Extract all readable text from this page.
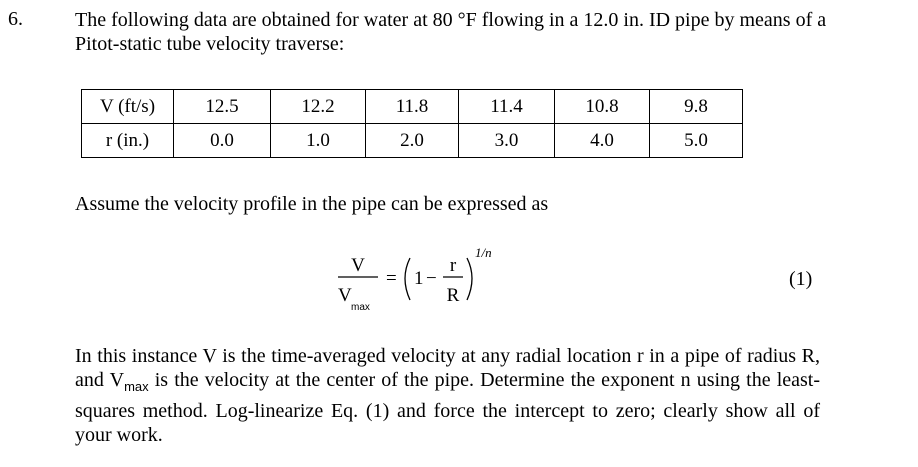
6.	The following data are obtained for water at 80 °F flowing in a 12.0 in. ID pipe by means of a Pitot-static tube velocity traverse:
V (ft/s)	12.5	12.2	11.8	11.4	10.8	9.8
r (in.)	0.0	1.0	2.0	3.0	4.0	5.0
Assume the velocity profile in the pipe can be expressed as
V
V
max
= 1 −
r
R
1/n
(1)
In this instance V is the time-averaged velocity at any radial location r in a pipe of radius R, and $V_{max}$ is the velocity at the center of the pipe. Determine the exponent n using the least-squares method. Log-linearize Eq. (1) and force the intercept to zero; clearly show all of your work.
